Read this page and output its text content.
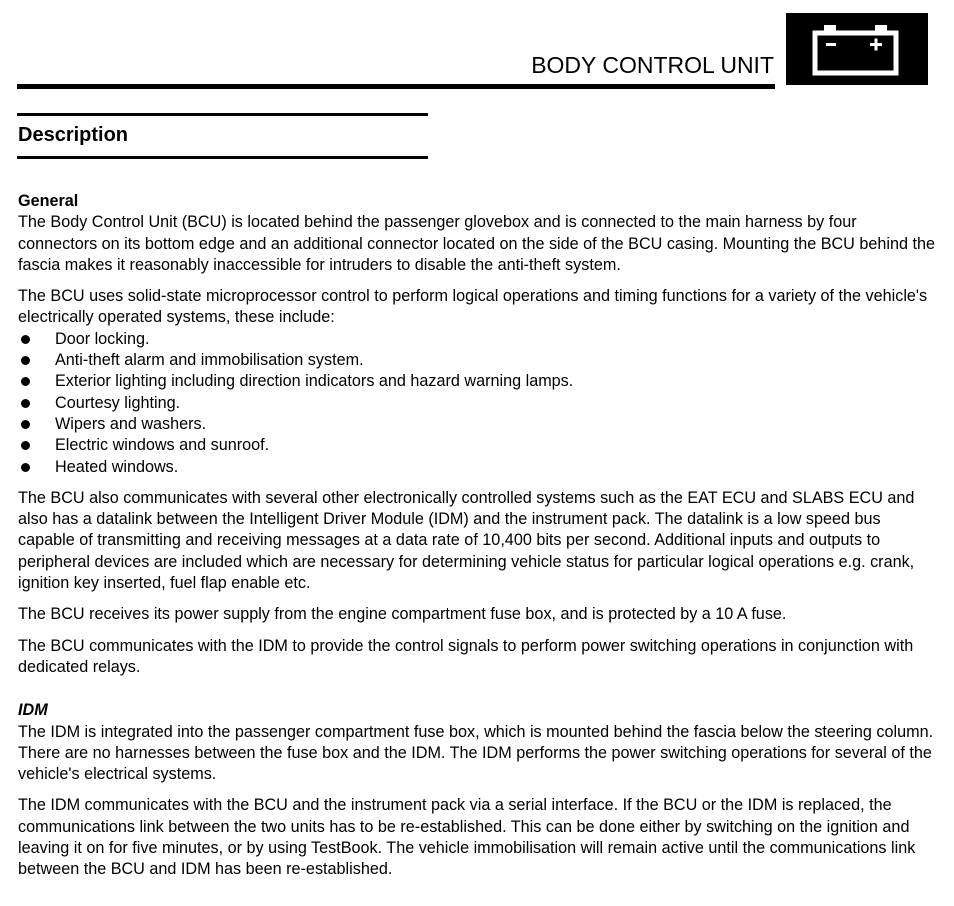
BODY CONTROL UNIT
Description

General

The Body Control Unit (BCU) is located behind the passenger glovebox and is connected to the main harness by four connectors on its bottom edge and an additional connector located on the side of the BCU casing. Mounting the BCU behind the fascia makes it reasonably inaccessible for intruders to disable the anti-theft system.

The BCU uses solid-state microprocessor control to perform logical operations and timing functions for a variety of the vehicle's electrically operated systems, these include:

Door locking.
Anti-theft alarm and immobilisation system.
Exterior lighting including direction indicators and hazard warning lamps.
Courtesy lighting.
Wipers and washers.
Electric windows and sunroof.
Heated windows.

The BCU also communicates with several other electronically controlled systems such as the EAT ECU and SLABS ECU and also has a datalink between the Intelligent Driver Module (IDM) and the instrument pack. The datalink is a low speed bus capable of transmitting and receiving messages at a data rate of 10,400 bits per second. Additional inputs and outputs to peripheral devices are included which are necessary for determining vehicle status for particular logical operations e.g. crank, ignition key inserted, fuel flap enable etc.

The BCU receives its power supply from the engine compartment fuse box, and is protected by a 10 A fuse.

The BCU communicates with the IDM to provide the control signals to perform power switching operations in conjunction with dedicated relays.

IDM

The IDM is integrated into the passenger compartment fuse box, which is mounted behind the fascia below the steering column. There are no harnesses between the fuse box and the IDM. The IDM performs the power switching operations for several of the vehicle's electrical systems.

The IDM communicates with the BCU and the instrument pack via a serial interface. If the BCU or the IDM is replaced, the communications link between the two units has to be re-established. This can be done either by switching on the ignition and leaving it on for five minutes, or by using TestBook. The vehicle immobilisation will remain active until the communications link between the BCU and IDM has been re-established.
